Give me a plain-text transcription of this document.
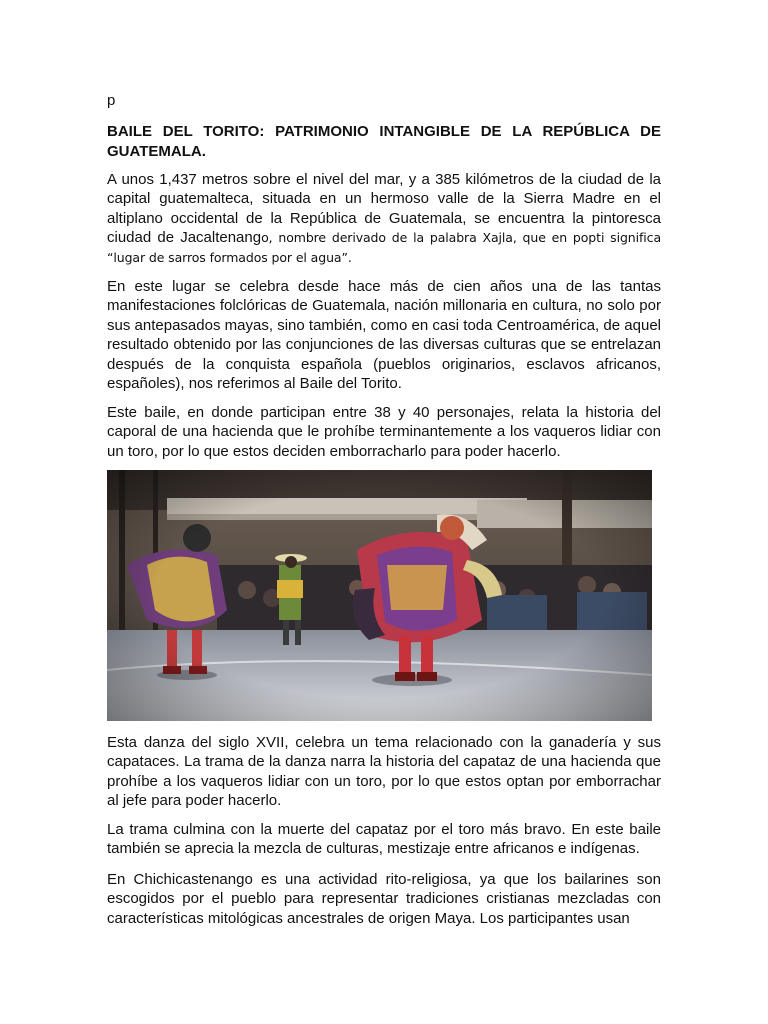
p
BAILE DEL TORITO: PATRIMONIO INTANGIBLE DE LA REPÚBLICA DE GUATEMALA.

A unos 1,437 metros sobre el nivel del mar, y a 385 kilómetros de la ciudad de la capital guatemalteca, situada en un hermoso valle de la Sierra Madre en el altiplano occidental de la República de Guatemala, se encuentra la pintoresca ciudad de Jacaltenango, nombre derivado de la palabra Xajla, que en popti significa “lugar de sarros formados por el agua”.

En este lugar se celebra desde hace más de cien años una de las tantas manifestaciones folclóricas de Guatemala, nación millonaria en cultura, no solo por sus antepasados mayas, sino también, como en casi toda Centroamérica, de aquel resultado obtenido por las conjunciones de las diversas culturas que se entrelazan después de la conquista española (pueblos originarios, esclavos africanos, españoles), nos referimos al Baile del Torito.

Este baile, en donde participan entre 38 y 40 personajes, relata la historia del caporal de una hacienda que le prohíbe terminantemente a los vaqueros lidiar con un toro, por lo que estos deciden emborracharlo para poder hacerlo.

Esta danza del siglo XVII, celebra un tema relacionado con la ganadería y sus capataces. La trama de la danza narra la historia del capataz de una hacienda que prohíbe a los vaqueros lidiar con un toro, por lo que estos optan por emborrachar al jefe para poder hacerlo.

La trama culmina con la muerte del capataz por el toro más bravo. En este baile también se aprecia la mezcla de culturas, mestizaje entre africanos e indígenas.

En Chichicastenango es una actividad rito-religiosa, ya que los bailarines son escogidos por el pueblo para representar tradiciones cristianas mezcladas con características mitológicas ancestrales de origen Maya. Los participantes usan
